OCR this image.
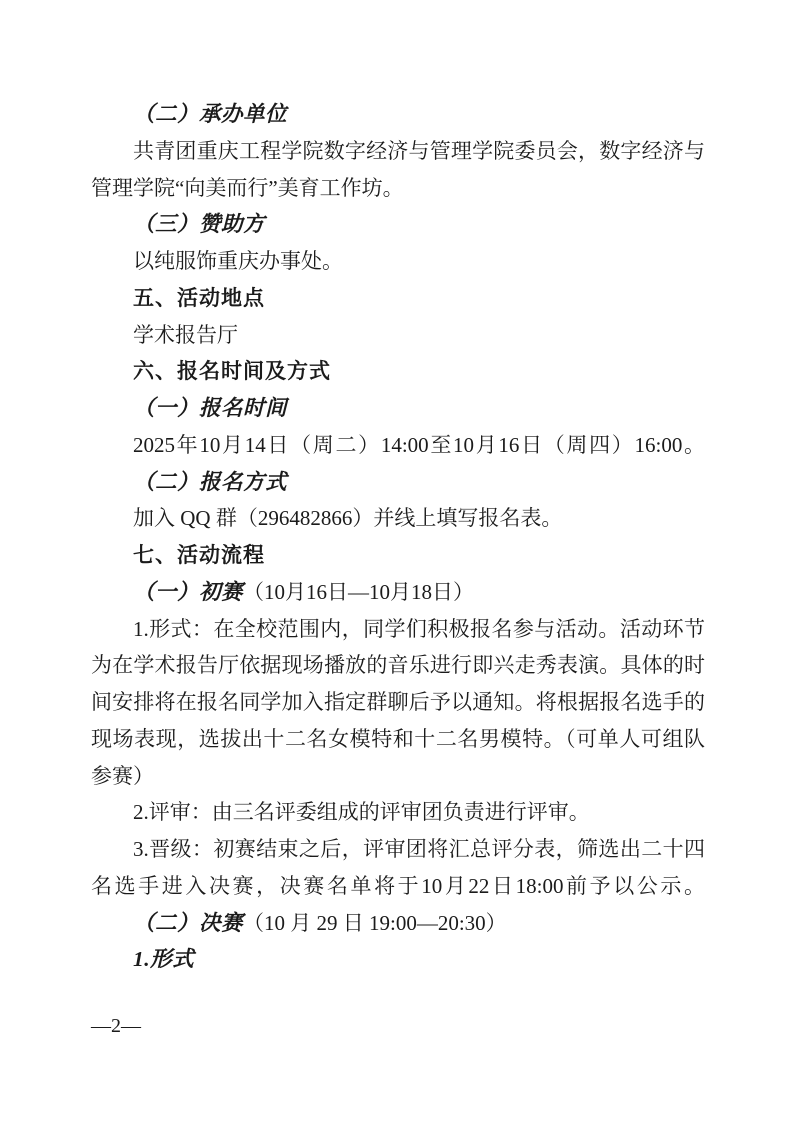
（二）承办单位
共青团重庆工程学院数字经济与管理学院委员会，数字经济与
管理学院“向美而行”美育工作坊。
（三）赞助方
以纯服饰重庆办事处。
五、活动地点
学术报告厅
六、报名时间及方式
（一）报名时间
2025年10月14日（周二）14:00至10月16日（周四）16:00。
（二）报名方式
加入 QQ 群（296482866）并线上填写报名表。
七、活动流程
（一）初赛（10月16日—10月18日）
1.形式：在全校范围内，同学们积极报名参与活动。活动环节
为在学术报告厅依据现场播放的音乐进行即兴走秀表演。具体的时
间安排将在报名同学加入指定群聊后予以通知。将根据报名选手的
现场表现，选拔出十二名女模特和十二名男模特。（可单人可组队
参赛）
2.评审：由三名评委组成的评审团负责进行评审。
3.晋级：初赛结束之后，评审团将汇总评分表，筛选出二十四
名选手进入决赛，决赛名单将于10月22日18:00前予以公示。
（二）决赛（10 月 29 日 19:00—20:30）
1.形式
—2—
